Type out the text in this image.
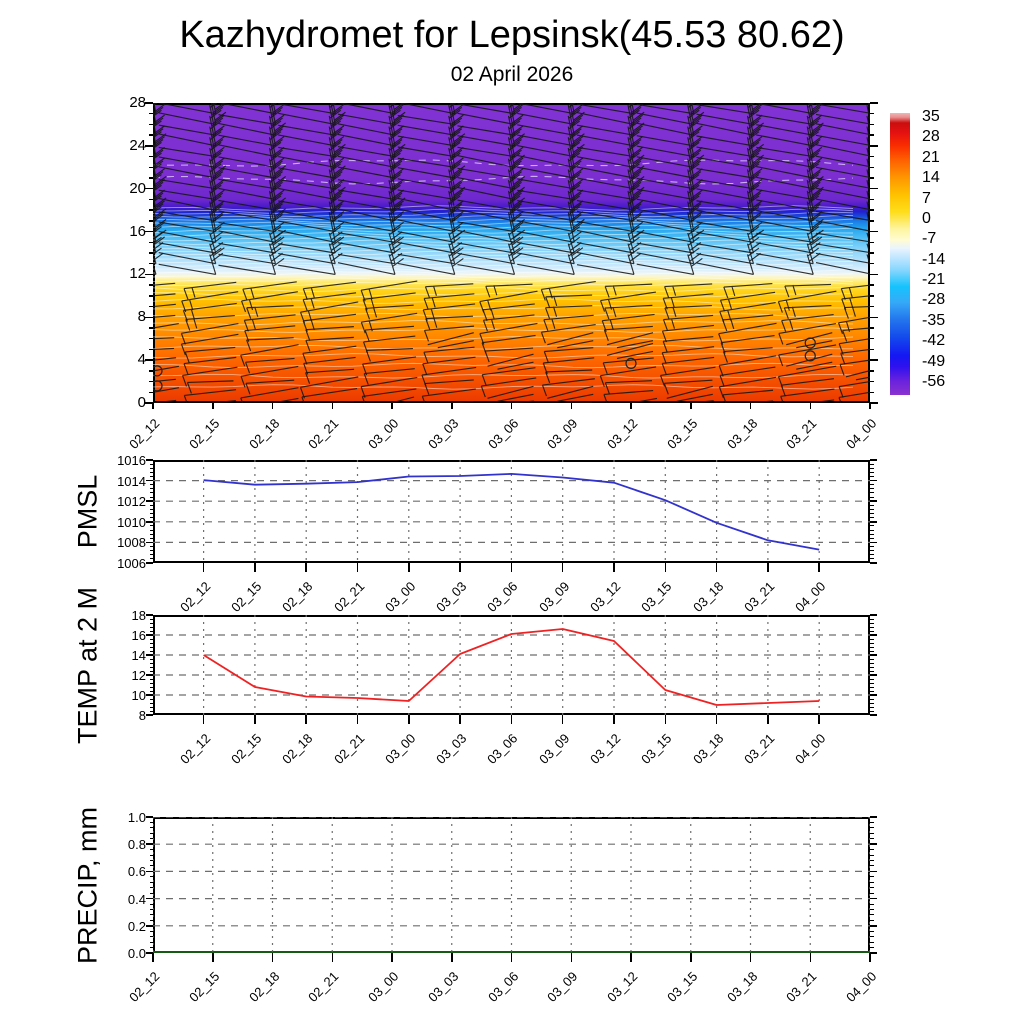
Kazhydromet for Lepsinsk(45.53 80.62)
02 April 2026
PMSL
TEMP at 2 M
PRECIP, mm
0
4
8
12
16
20
24
28
02_12 02_15 02_18 02_21 03_00 03_03 03_06 03_09 03_12 03_15 03_18 03_21 04_00
35
28
21
14
7
0
-7
-14
-21
-28
-35
-42
-49
-56
1006
1008
1010
1012
1014
1016
02_12 02_15 02_18 02_21 03_00 03_03 03_06 03_09 03_12 03_15 03_18 03_21 04_00
8
10
12
14
16
18
02_12 02_15 02_18 02_21 03_00 03_03 03_06 03_09 03_12 03_15 03_18 03_21 04_00
0.0
0.2
0.4
0.6
0.8
1.0
02_12 02_15 02_18 02_21 03_00 03_03 03_06 03_09 03_12 03_15 03_18 03_21 04_00
